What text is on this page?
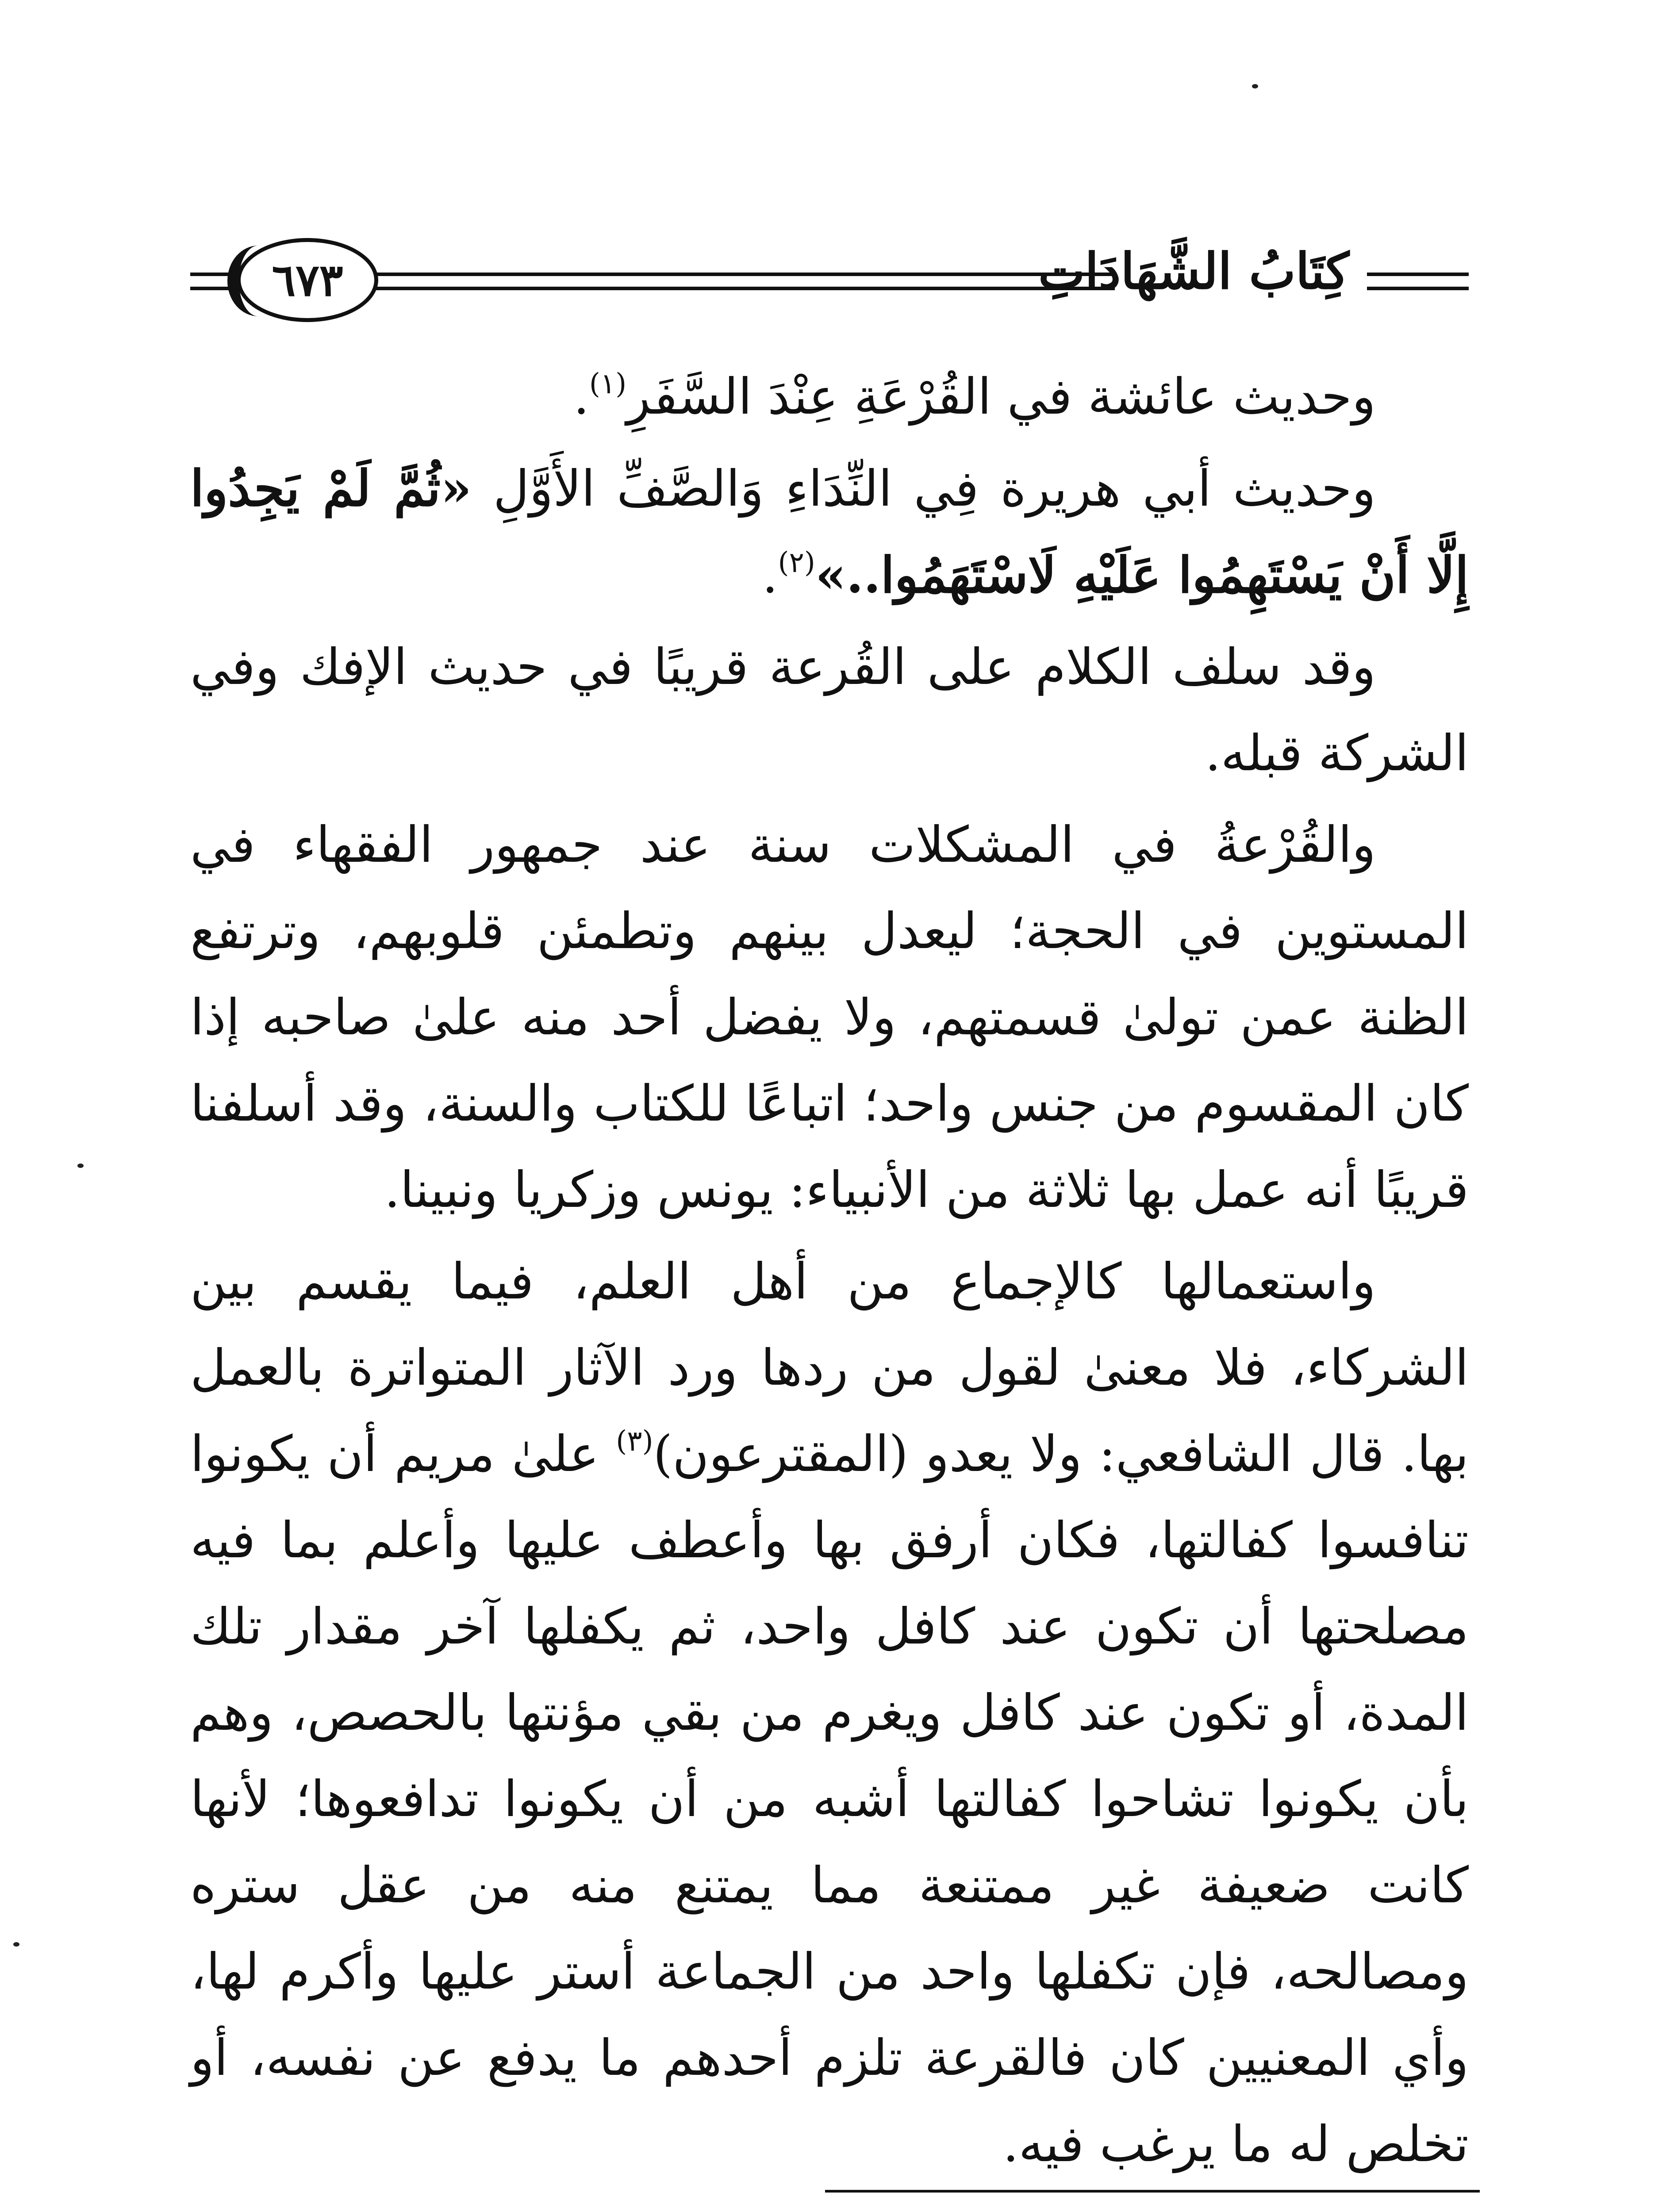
كِتَابُ الشَّهَادَاتِ
٦٧٣

وحديث عائشة في القُرْعَةِ عِنْدَ السَّفَرِ$^{(١)}$.

وحديث أبي هريرة فِي النِّدَاءِ وَالصَّفِّ الأَوَّلِ «ثُمَّ لَمْ يَجِدُوا إِلَّا أَنْ يَسْتَهِمُوا عَلَيْهِ لَاسْتَهَمُوا..»$^{(٢)}$.

وقد سلف الكلام على القُرعة قريبًا في حديث الإفك وفي الشركة قبله.

والقُرْعةُ في المشكلات سنة عند جمهور الفقهاء في المستوين في الحجة؛ ليعدل بينهم وتطمئن قلوبهم، وترتفع الظنة عمن تولىٰ قسمتهم، ولا يفضل أحد منه علىٰ صاحبه إذا كان المقسوم من جنس واحد؛ اتباعًا للكتاب والسنة، وقد أسلفنا قريبًا أنه عمل بها ثلاثة من الأنبياء: يونس وزكريا ونبينا.

واستعمالها كالإجماع من أهل العلم، فيما يقسم بين الشركاء، فلا معنىٰ لقول من ردها ورد الآثار المتواترة بالعمل بها. قال الشافعي: ولا يعدو (المقترعون)$^{(٣)}$ علىٰ مريم أن يكونوا تنافسوا كفالتها، فكان أرفق بها وأعطف عليها وأعلم بما فيه مصلحتها أن تكون عند كافل واحد، ثم يكفلها آخر مقدار تلك المدة، أو تكون عند كافل ويغرم من بقي مؤنتها بالحصص، وهم بأن يكونوا تشاحوا كفالتها أشبه من أن يكونوا تدافعوها؛ لأنها كانت ضعيفة غير ممتنعة مما يمتنع منه من عقل ستره ومصالحه، فإن تكفلها واحد من الجماعة أستر عليها وأكرم لها، وأي المعنيين كان فالقرعة تلزم أحدهم ما يدفع عن نفسه، أو تخلص له ما يرغب فيه.
